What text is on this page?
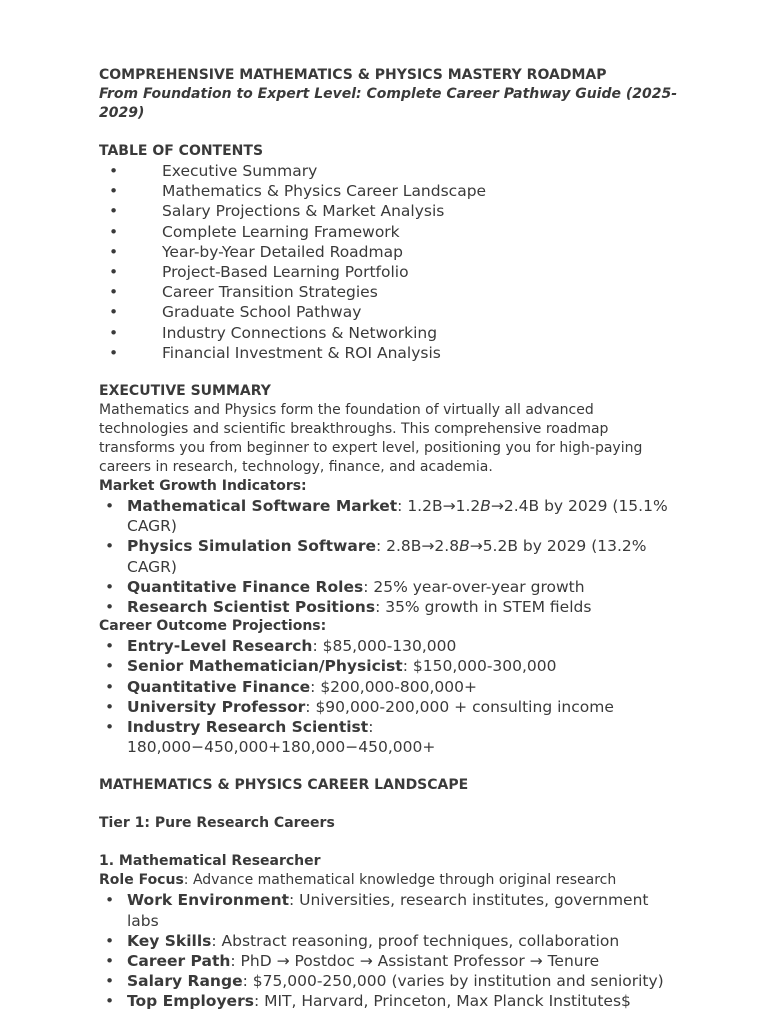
COMPREHENSIVE MATHEMATICS & PHYSICS MASTERY ROADMAP

From Foundation to Expert Level: Complete Career Pathway Guide (2025-2029)

TABLE OF CONTENTS

•	Executive Summary
•	Mathematics & Physics Career Landscape
•	Salary Projections & Market Analysis
•	Complete Learning Framework
•	Year-by-Year Detailed Roadmap
•	Project-Based Learning Portfolio
•	Career Transition Strategies
•	Graduate School Pathway
•	Industry Connections & Networking
•	Financial Investment & ROI Analysis

EXECUTIVE SUMMARY

Mathematics and Physics form the foundation of virtually all advanced technologies and scientific breakthroughs. This comprehensive roadmap transforms you from beginner to expert level, positioning you for high-paying careers in research, technology, finance, and academia.

Market Growth Indicators:

• Mathematical Software Market: 1.2B→1.2B→2.4B by 2029 (15.1% CAGR)
• Physics Simulation Software: 2.8B→2.8B→5.2B by 2029 (13.2% CAGR)
• Quantitative Finance Roles: 25% year-over-year growth
• Research Scientist Positions: 35% growth in STEM fields

Career Outcome Projections:

• Entry-Level Research: $85,000-130,000
• Senior Mathematician/Physicist: $150,000-300,000
• Quantitative Finance: $200,000-800,000+
• University Professor: $90,000-200,000 + consulting income
• Industry Research Scientist: 180,000−450,000+180,000−450,000+

MATHEMATICS & PHYSICS CAREER LANDSCAPE

Tier 1: Pure Research Careers

1. Mathematical Researcher

Role Focus: Advance mathematical knowledge through original research

• Work Environment: Universities, research institutes, government labs
• Key Skills: Abstract reasoning, proof techniques, collaboration
• Career Path: PhD → Postdoc → Assistant Professor → Tenure
• Salary Range: $75,000-250,000 (varies by institution and seniority)
• Top Employers: MIT, Harvard, Princeton, Max Planck Institutes$
